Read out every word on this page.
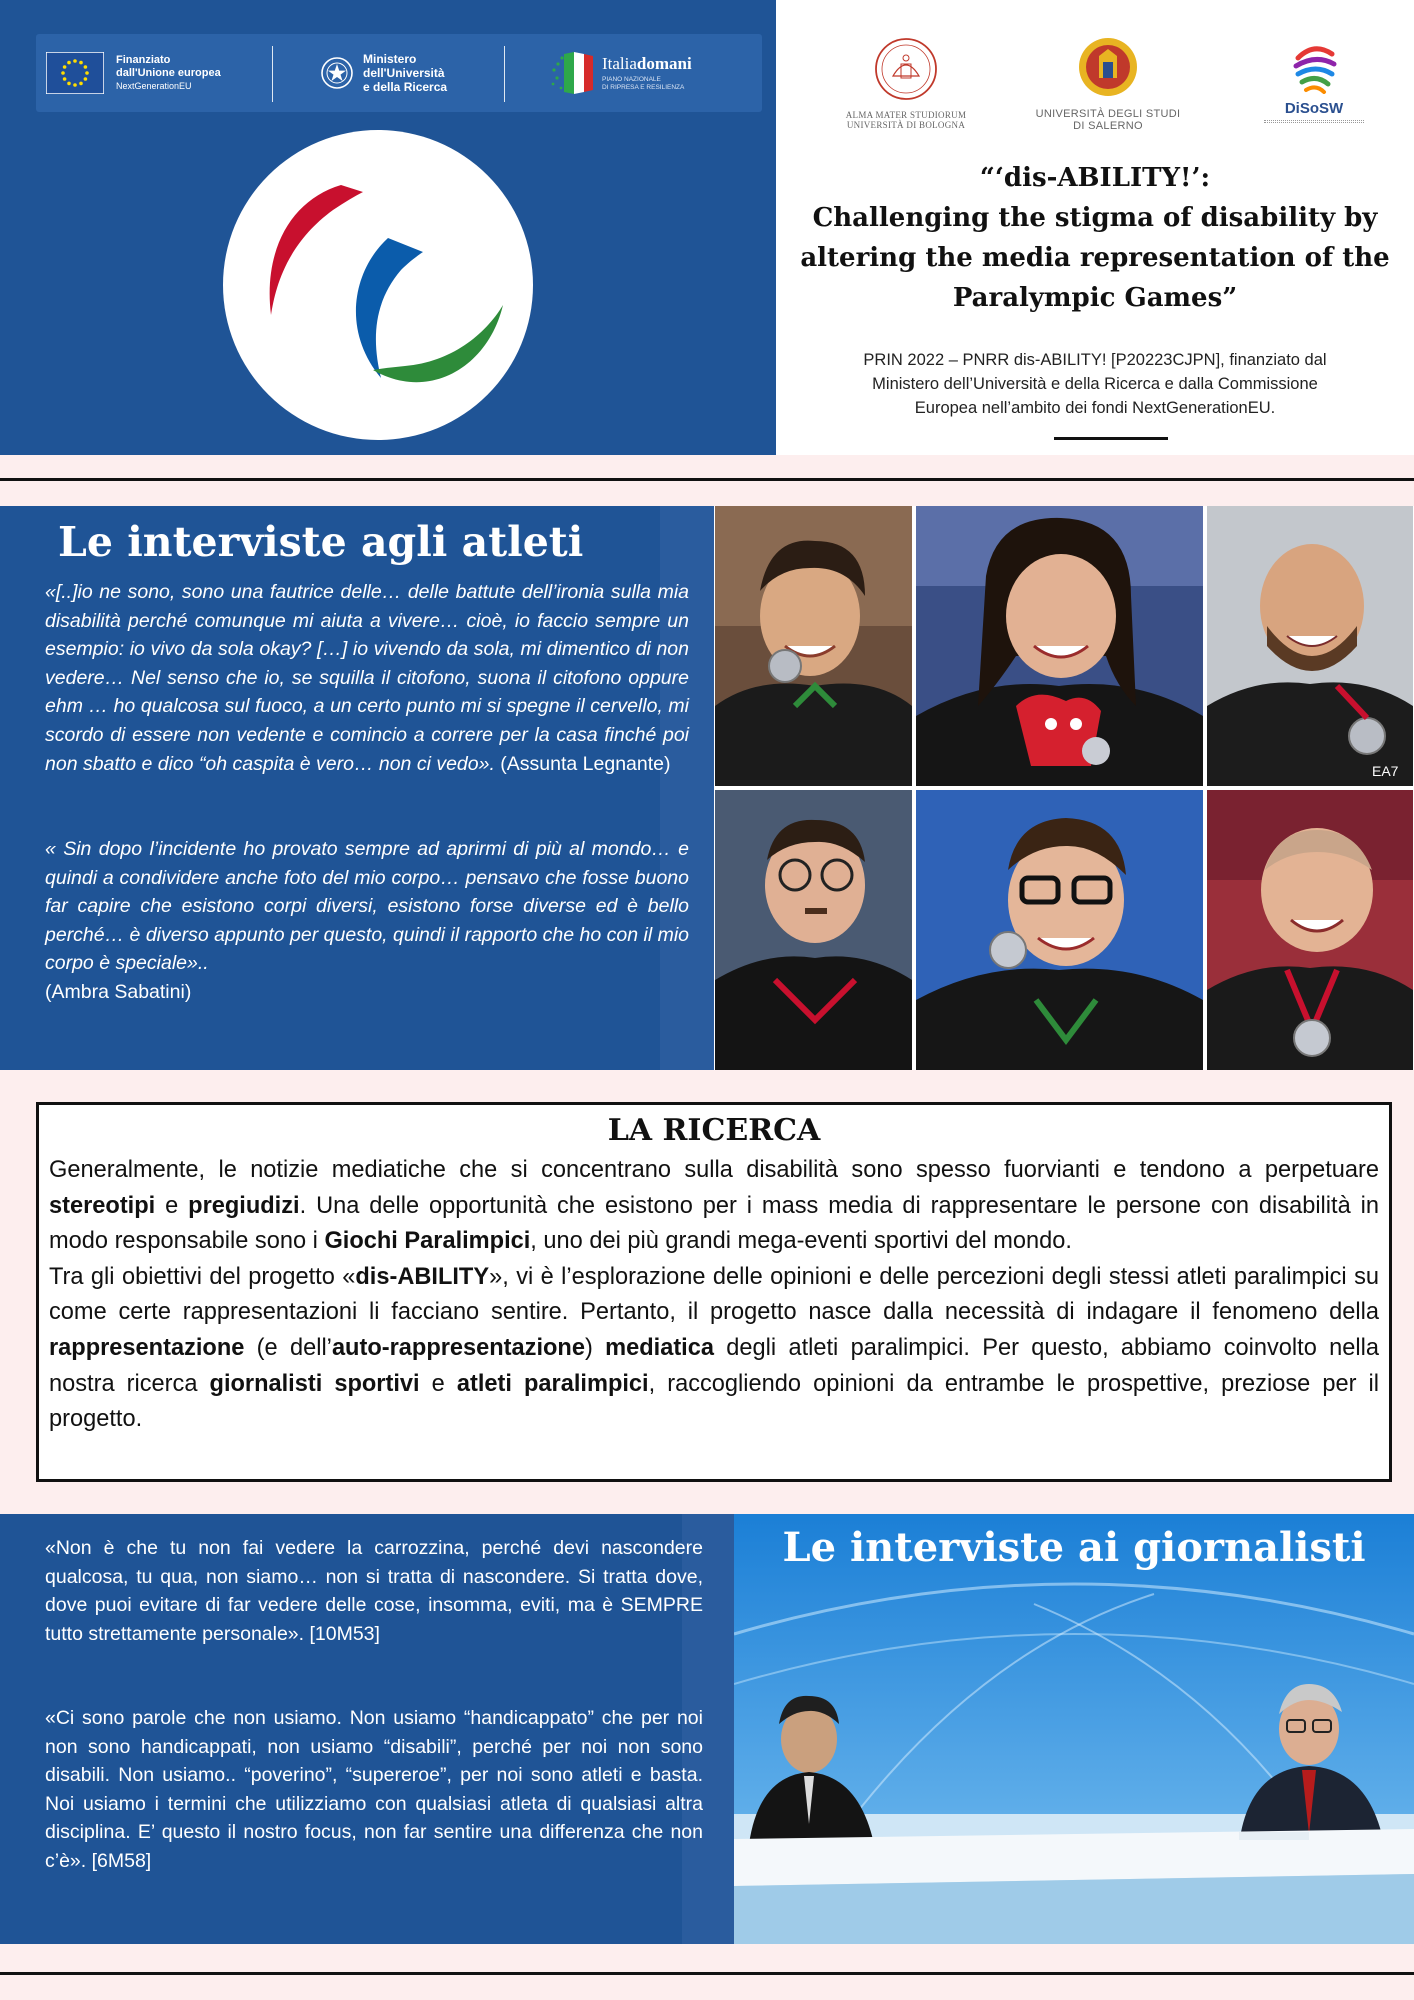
Finanziato
dall'Unione europea
NextGenerationEU
Ministero
dell'Università
e della Ricerca
Italiadomani
PIANO NAZIONALE
DI RIPRESA E RESILIENZA
ALMA MATER STUDIORUM
UNIVERSITÀ DI BOLOGNA
UNIVERSITÀ DEGLI STUDI
DI SALERNO
DiSoSW
“‘dis-ABILITY!’:
Challenging the stigma of disability by
altering the media representation of the
Paralympic Games”
PRIN 2022 – PNRR dis-ABILITY! [P20223CJPN], finanziato dal
Ministero dell’Università e della Ricerca e dalla Commissione
Europea nell’ambito dei fondi NextGenerationEU.
Le interviste agli atleti
«[..]io ne sono, sono una fautrice delle… delle battute dell’ironia sulla mia disabilità perché comunque mi aiuta a vivere… cioè, io faccio sempre un esempio: io vivo da sola okay? […] io vivendo da sola, mi dimentico di non vedere… Nel senso che io, se squilla il citofono, suona il citofono oppure ehm … ho qualcosa sul fuoco, a un certo punto mi si spegne il cervello, mi scordo di essere non vedente e comincio a correre per la casa finché poi non sbatto e dico “oh caspita è vero… non ci vedo». (Assunta Legnante)
« Sin dopo l’incidente ho provato sempre ad aprirmi di più al mondo… e quindi a condividere anche foto del mio corpo… pensavo che fosse buono far capire che esistono corpi diversi, esistono forse diverse ed è bello perché… è diverso appunto per questo, quindi il rapporto che ho con il mio corpo è speciale»..
(Ambra Sabatini)
EA7
LA RICERCA
Generalmente, le notizie mediatiche che si concentrano sulla disabilità sono spesso fuorvianti e tendono a perpetuare stereotipi e pregiudizi. Una delle opportunità che esistono per i mass media di rappresentare le persone con disabilità in modo responsabile sono i Giochi Paralimpici, uno dei più grandi mega-eventi sportivi del mondo.
Tra gli obiettivi del progetto «dis-ABILITY», vi è l’esplorazione delle opinioni e delle percezioni degli stessi atleti paralimpici su come certe rappresentazioni li facciano sentire. Pertanto, il progetto nasce dalla necessità di indagare il fenomeno della rappresentazione (e dell’auto-rappresentazione) mediatica degli atleti paralimpici. Per questo, abbiamo coinvolto nella nostra ricerca giornalisti sportivi e atleti paralimpici, raccogliendo opinioni da entrambe le prospettive, preziose per il progetto.
«Non è che tu non fai vedere la carrozzina, perché devi nascondere qualcosa, tu qua, non siamo… non si tratta di nascondere. Si tratta dove, dove puoi evitare di far vedere delle cose, insomma, eviti, ma è SEMPRE tutto strettamente personale». [10M53]
«Ci sono parole che non usiamo. Non usiamo “handicappato” che per noi non sono handicappati, non usiamo “disabili”, perché per noi non sono disabili. Non usiamo.. “poverino”, “supereroe”, per noi sono atleti e basta. Noi usiamo i termini che utilizziamo con qualsiasi atleta di qualsiasi altra disciplina. E’ questo il nostro focus, non far sentire una differenza che non c’è». [6M58]
Le interviste ai giornalisti
